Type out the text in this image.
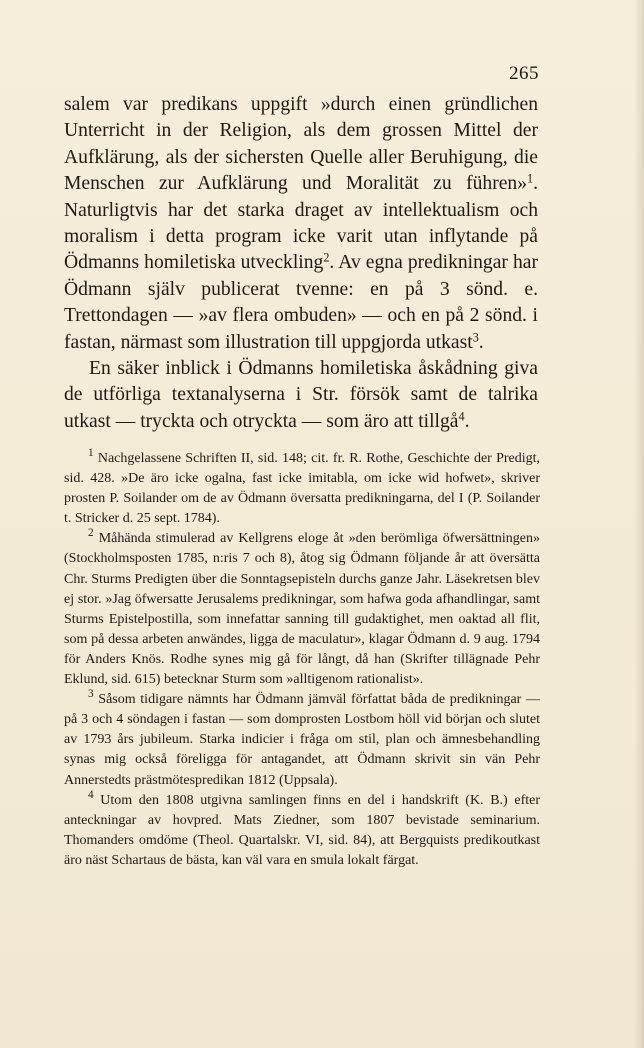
265

salem var predikans uppgift »durch einen gründlichen Unterricht in der Religion, als dem grossen Mittel der Aufklärung, als der sichersten Quelle aller Beruhigung, die Menschen zur Aufklärung und Moralität zu führen»$^1$. Naturligtvis har det starka draget av intellektualism och moralism i detta program icke varit utan inflytande på Ödmanns homiletiska utveckling$^2$. Av egna predikningar har Ödmann själv publicerat tvenne: en på 3 sönd. e. Trettondagen — »av flera ombuden» — och en på 2 sönd. i fastan, närmast som illustration till uppgjorda utkast$^3$.

En säker inblick i Ödmanns homiletiska åskådning giva de utförliga textanalyserna i Str. försök samt de talrika utkast — tryckta och otryckta — som äro att tillgå$^4$.

$^1$ Nachgelassene Schriften II, sid. 148; cit. fr. R. Rothe, Geschichte der Predigt, sid. 428. »De äro icke ogalna, fast icke imitabla, om icke wid hofwet», skriver prosten P. Soilander om de av Ödmann översatta predikningarna, del I (P. Soilander t. Stricker d. 25 sept. 1784).

$^2$ Måhända stimulerad av Kellgrens eloge åt »den berömliga öfwersättningen» (Stockholmsposten 1785, n:ris 7 och 8), åtog sig Ödmann följande år att översätta Chr. Sturms Predigten über die Sonntagsepisteln durchs ganze Jahr. Läsekretsen blev ej stor. »Jag öfwersatte Jerusalems predikningar, som hafwa goda afhandlingar, samt Sturms Epistelpostilla, som innefattar sanning till gudaktighet, men oaktad all flit, som på dessa arbeten anwändes, ligga de maculatur», klagar Ödmann d. 9 aug. 1794 för Anders Knös. Rodhe synes mig gå för långt, då han (Skrifter tillägnade Pehr Eklund, sid. 615) betecknar Sturm som »alltigenom rationalist».

$^3$ Såsom tidigare nämnts har Ödmann jämväl författat båda de predikningar — på 3 och 4 söndagen i fastan — som domprosten Lostbom höll vid början och slutet av 1793 års jubileum. Starka indicier i fråga om stil, plan och ämnesbehandling synas mig också föreligga för antagandet, att Ödmann skrivit sin vän Pehr Annerstedts prästmötespredikan 1812 (Uppsala).

$^4$ Utom den 1808 utgivna samlingen finns en del i handskrift (K. B.) efter anteckningar av hovpred. Mats Ziedner, som 1807 bevistade seminarium. Thomanders omdöme (Theol. Quartalskr. VI, sid. 84), att Bergquists predikoutkast äro näst Schartaus de bästa, kan väl vara en smula lokalt färgat.
